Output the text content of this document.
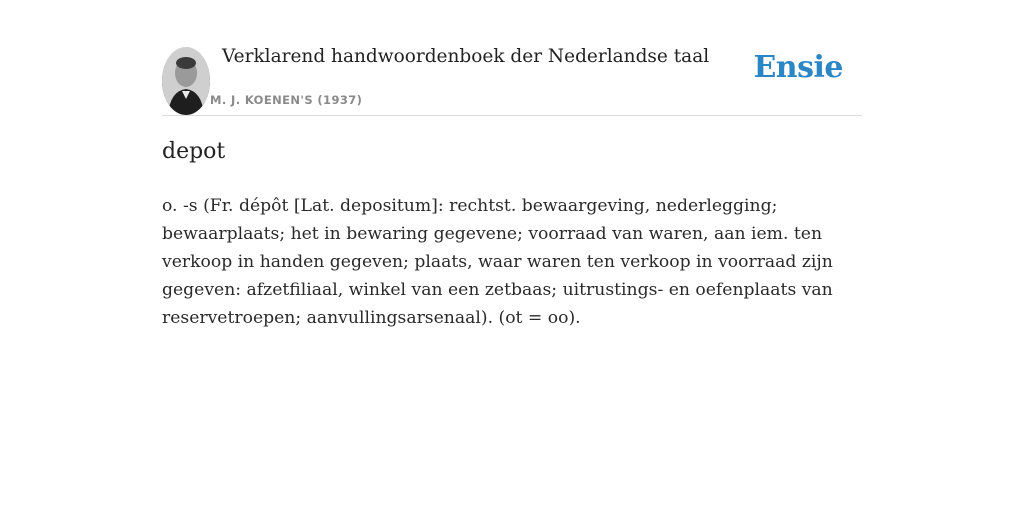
Verklarend handwoordenboek der Nederlandse taal
M. J. KOENEN'S (1937)
Ensie
depot

o. -s (Fr. dépôt [Lat. depositum]: rechtst. bewaargeving, nederlegging; bewaarplaats; het in bewaring gegevene; voorraad van waren, aan iem. ten verkoop in handen gegeven; plaats, waar waren ten verkoop in voorraad zijn gegeven: afzetfiliaal, winkel van een zetbaas; uitrustings- en oefenplaats van reservetroepen; aanvullingsarsenaal). (ot = oo).
